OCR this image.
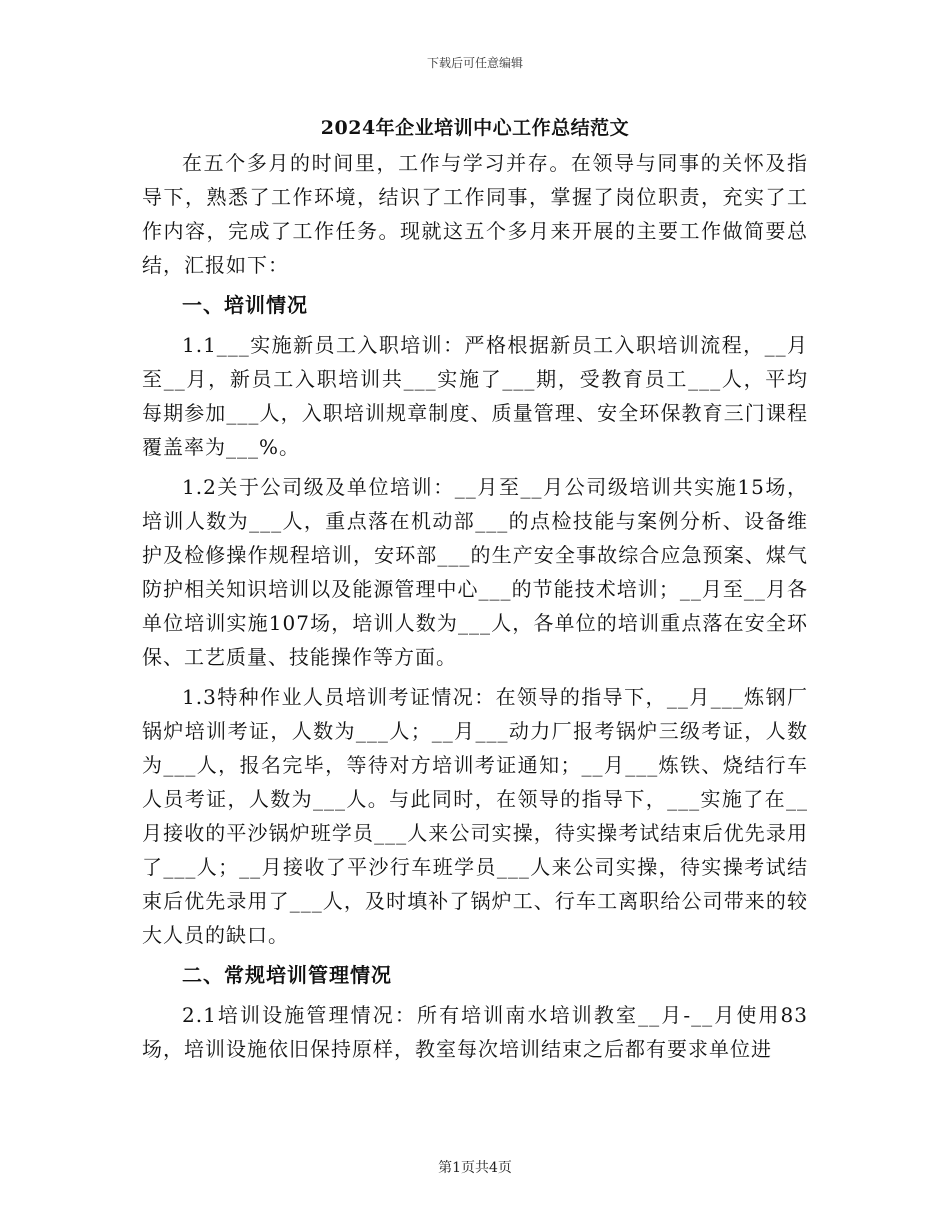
下载后可任意编辑
2024年企业培训中心工作总结范文

在五个多月的时间里，工作与学习并存。在领导与同事的关怀及指导下，熟悉了工作环境，结识了工作同事，掌握了岗位职责，充实了工作内容，完成了工作任务。现就这五个多月来开展的主要工作做简要总结，汇报如下：

一、培训情况

1.1___实施新员工入职培训：严格根据新员工入职培训流程，__月至__月，新员工入职培训共___实施了___期，受教育员工___人，平均每期参加___人，入职培训规章制度、质量管理、安全环保教育三门课程覆盖率为___%。

1.2关于公司级及单位培训：__月至__月公司级培训共实施15场，培训人数为___人，重点落在机动部___的点检技能与案例分析、设备维护及检修操作规程培训，安环部___的生产安全事故综合应急预案、煤气防护相关知识培训以及能源管理中心___的节能技术培训；__月至__月各单位培训实施107场，培训人数为___人，各单位的培训重点落在安全环保、工艺质量、技能操作等方面。

1.3特种作业人员培训考证情况：在领导的指导下，__月___炼钢厂锅炉培训考证，人数为___人；__月___动力厂报考锅炉三级考证，人数为___人，报名完毕，等待对方培训考证通知；__月___炼铁、烧结行车人员考证，人数为___人。与此同时，在领导的指导下，___实施了在__月接收的平沙锅炉班学员___人来公司实操，待实操考试结束后优先录用了___人；__月接收了平沙行车班学员___人来公司实操，待实操考试结束后优先录用了___人，及时填补了锅炉工、行车工离职给公司带来的较大人员的缺口。

二、常规培训管理情况

2.1培训设施管理情况：所有培训南水培训教室__月-__月使用83场，培训设施依旧保持原样，教室每次培训结束之后都有要求单位进

第1页共4页
